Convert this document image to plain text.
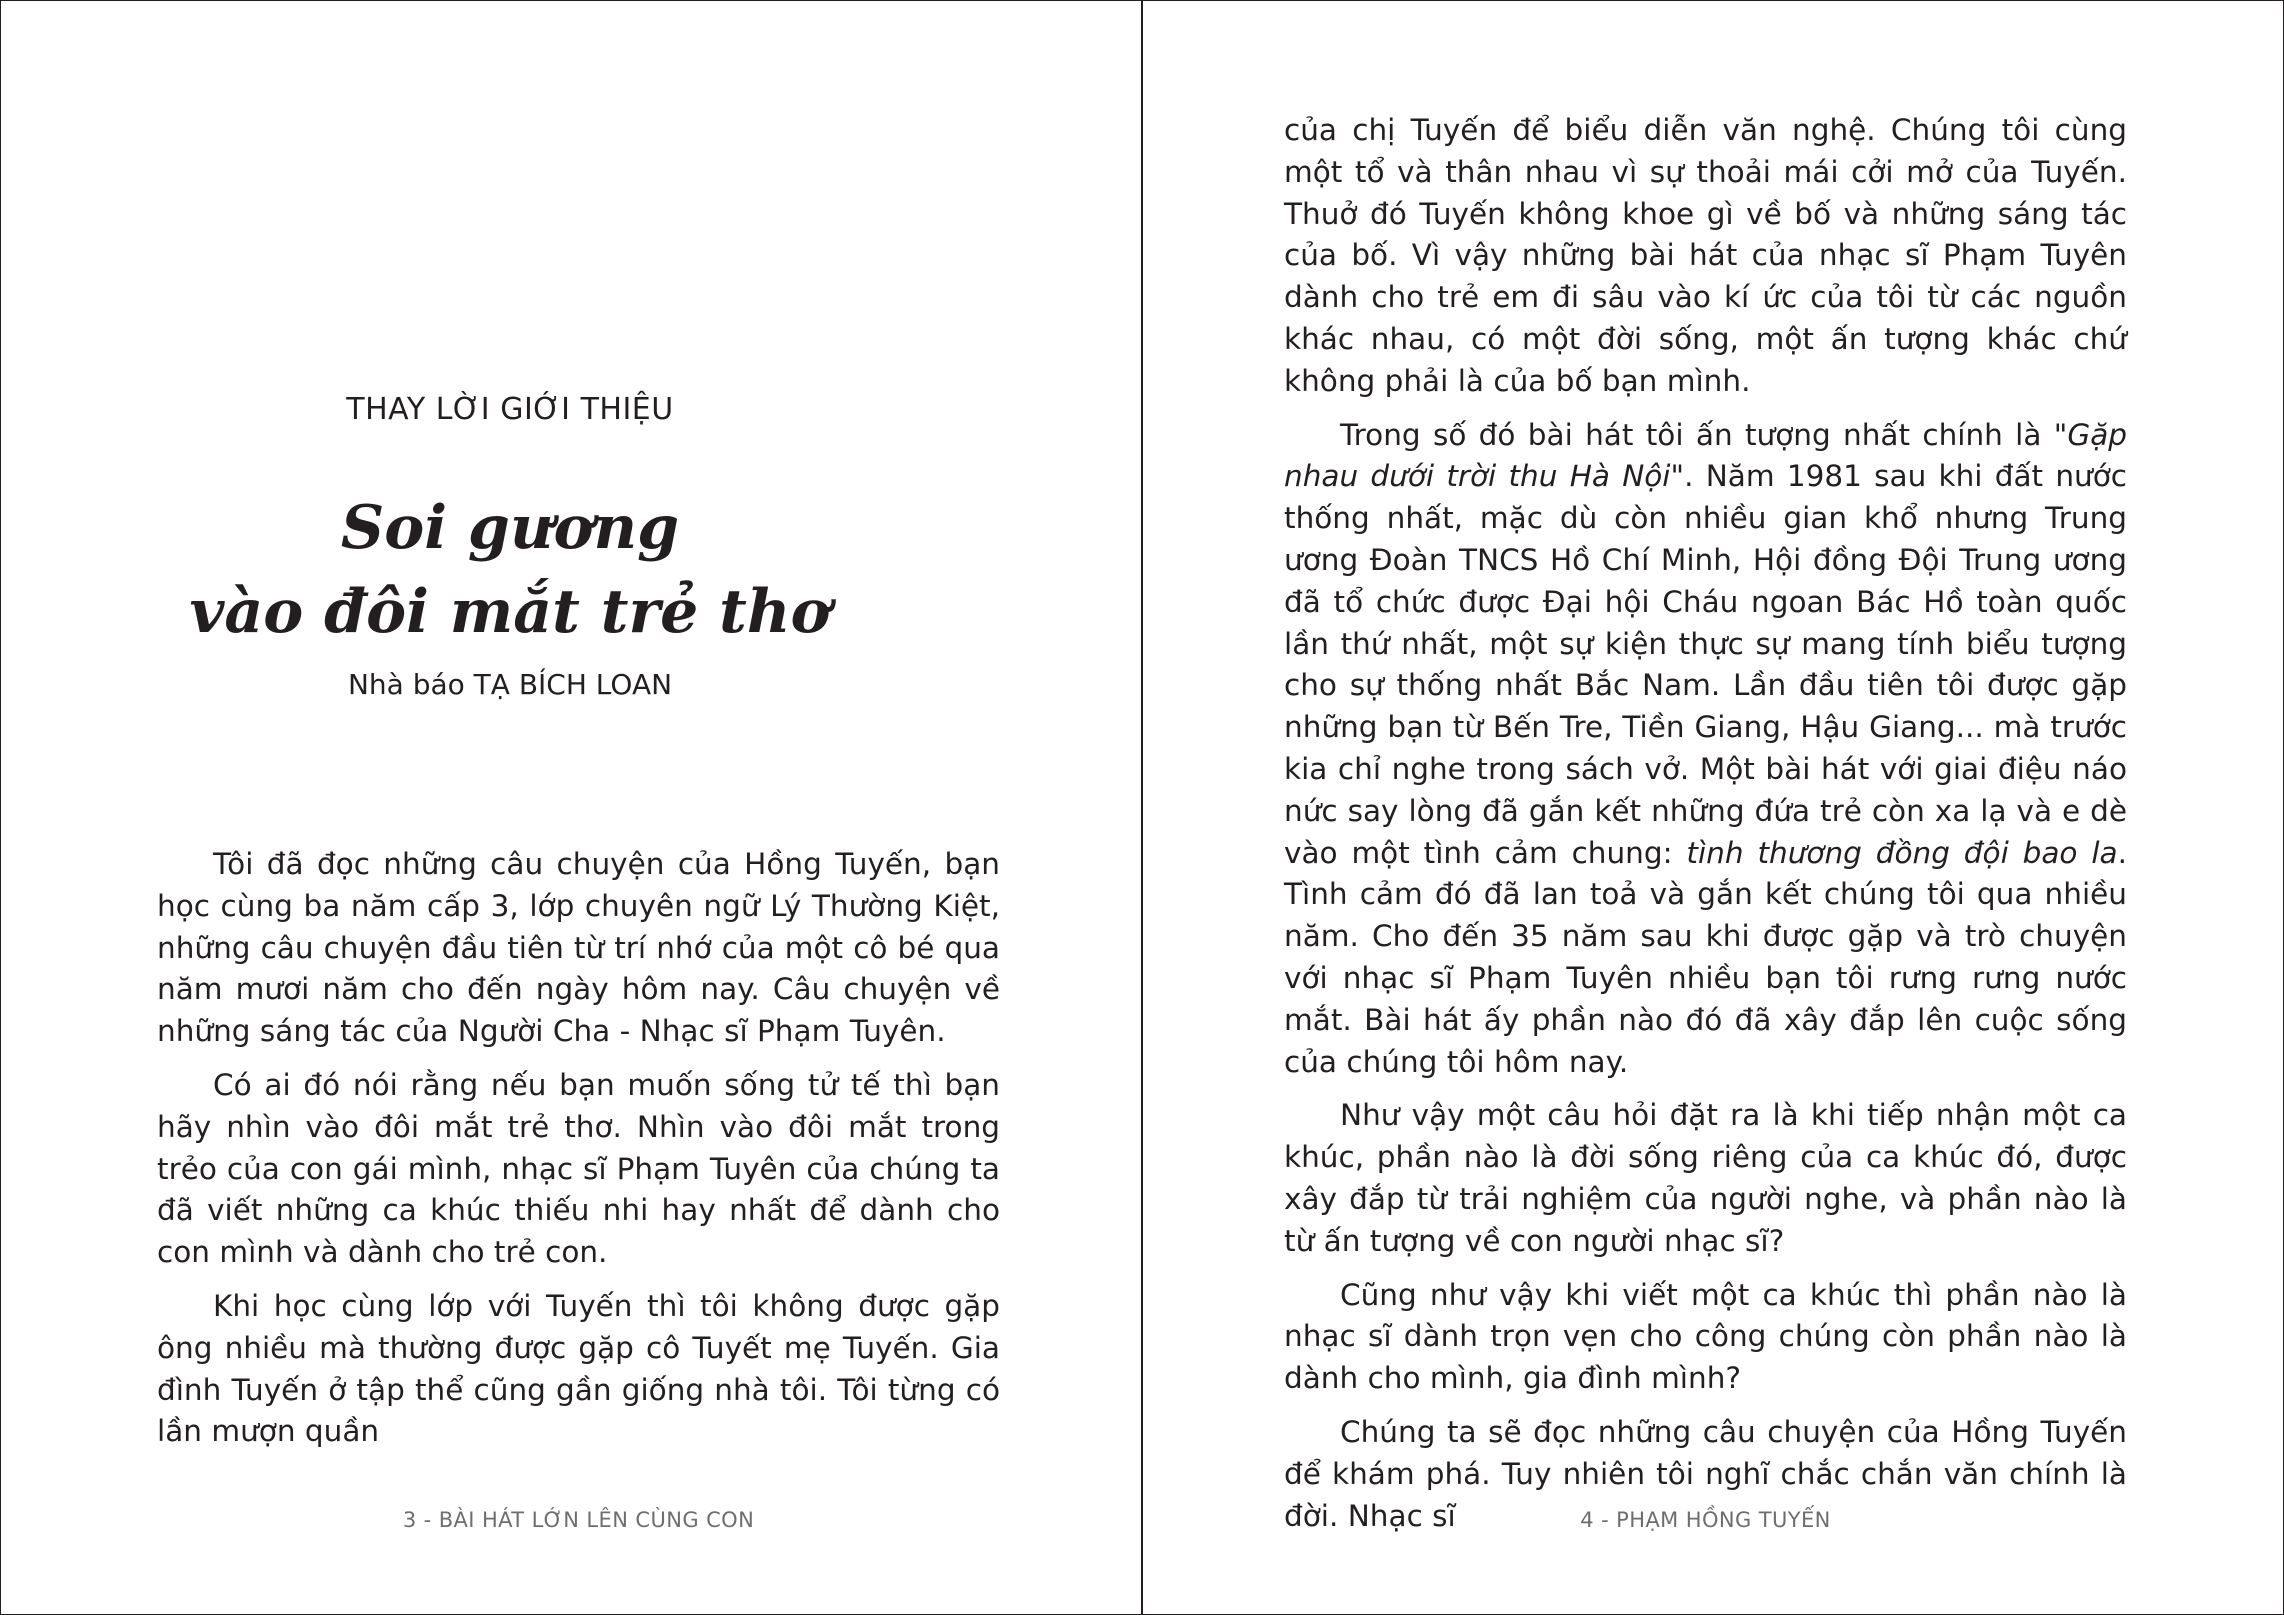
THAY LỜI GIỚI THIỆU
Soi gương
vào đôi mắt trẻ thơ
Nhà báo TẠ BÍCH LOAN

Tôi đã đọc những câu chuyện của Hồng Tuyến, bạn học cùng ba năm cấp 3, lớp chuyên ngữ Lý Thường Kiệt, những câu chuyện đầu tiên từ trí nhớ của một cô bé qua năm mươi năm cho đến ngày hôm nay. Câu chuyện về những sáng tác của Người Cha - Nhạc sĩ Phạm Tuyên.

Có ai đó nói rằng nếu bạn muốn sống tử tế thì bạn hãy nhìn vào đôi mắt trẻ thơ. Nhìn vào đôi mắt trong trẻo của con gái mình, nhạc sĩ Phạm Tuyên của chúng ta đã viết những ca khúc thiếu nhi hay nhất để dành cho con mình và dành cho trẻ con.

Khi học cùng lớp với Tuyến thì tôi không được gặp ông nhiều mà thường được gặp cô Tuyết mẹ Tuyến. Gia đình Tuyến ở tập thể cũng gần giống nhà tôi. Tôi từng có lần mượn quần

3 - BÀI HÁT LỚN LÊN CÙNG CON

của chị Tuyến để biểu diễn văn nghệ. Chúng tôi cùng một tổ và thân nhau vì sự thoải mái cởi mở của Tuyến. Thuở đó Tuyến không khoe gì về bố và những sáng tác của bố. Vì vậy những bài hát của nhạc sĩ Phạm Tuyên dành cho trẻ em đi sâu vào kí ức của tôi từ các nguồn khác nhau, có một đời sống, một ấn tượng khác chứ không phải là của bố bạn mình.

Trong số đó bài hát tôi ấn tượng nhất chính là "Gặp nhau dưới trời thu Hà Nội". Năm 1981 sau khi đất nước thống nhất, mặc dù còn nhiều gian khổ nhưng Trung ương Đoàn TNCS Hồ Chí Minh, Hội đồng Đội Trung ương đã tổ chức được Đại hội Cháu ngoan Bác Hồ toàn quốc lần thứ nhất, một sự kiện thực sự mang tính biểu tượng cho sự thống nhất Bắc Nam. Lần đầu tiên tôi được gặp những bạn từ Bến Tre, Tiền Giang, Hậu Giang... mà trước kia chỉ nghe trong sách vở. Một bài hát với giai điệu náo nức say lòng đã gắn kết những đứa trẻ còn xa lạ và e dè vào một tình cảm chung: tình thương đồng đội bao la. Tình cảm đó đã lan toả và gắn kết chúng tôi qua nhiều năm. Cho đến 35 năm sau khi được gặp và trò chuyện với nhạc sĩ Phạm Tuyên nhiều bạn tôi rưng rưng nước mắt. Bài hát ấy phần nào đó đã xây đắp lên cuộc sống của chúng tôi hôm nay.

Như vậy một câu hỏi đặt ra là khi tiếp nhận một ca khúc, phần nào là đời sống riêng của ca khúc đó, được xây đắp từ trải nghiệm của người nghe, và phần nào là từ ấn tượng về con người nhạc sĩ?

Cũng như vậy khi viết một ca khúc thì phần nào là nhạc sĩ dành trọn vẹn cho công chúng còn phần nào là dành cho mình, gia đình mình?

Chúng ta sẽ đọc những câu chuyện của Hồng Tuyến để khám phá. Tuy nhiên tôi nghĩ chắc chắn văn chính là đời. Nhạc sĩ	4 - PHẠM HỒNG TUYẾN
